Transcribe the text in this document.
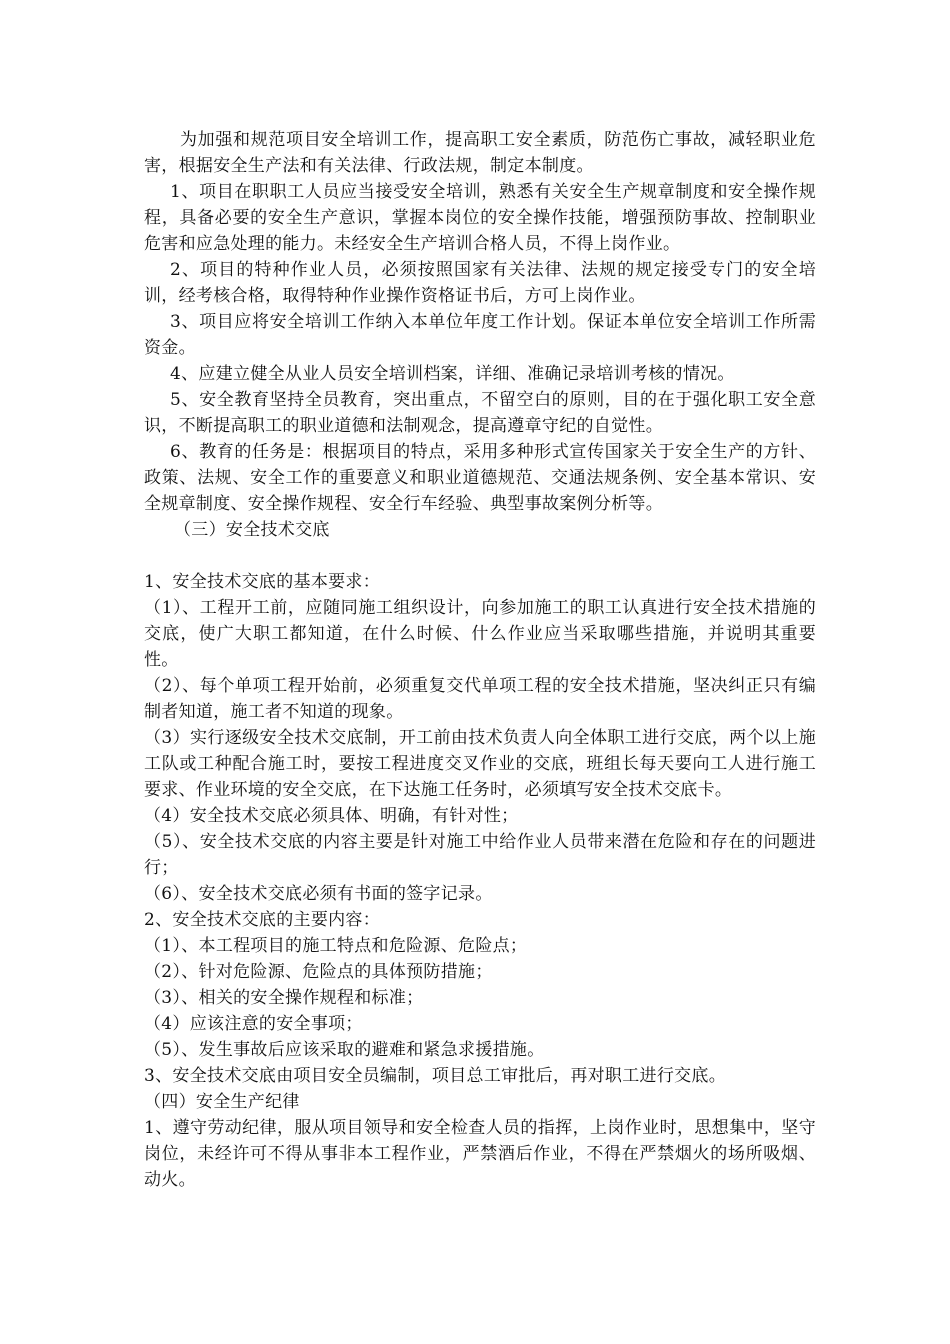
为加强和规范项目安全培训工作，提高职工安全素质，防范伤亡事故，减轻职业危害，根据安全生产法和有关法律、行政法规，制定本制度。

1、项目在职职工人员应当接受安全培训，熟悉有关安全生产规章制度和安全操作规程，具备必要的安全生产意识，掌握本岗位的安全操作技能，增强预防事故、控制职业危害和应急处理的能力。未经安全生产培训合格人员，不得上岗作业。

2、项目的特种作业人员，必须按照国家有关法律、法规的规定接受专门的安全培训，经考核合格，取得特种作业操作资格证书后，方可上岗作业。

3、项目应将安全培训工作纳入本单位年度工作计划。保证本单位安全培训工作所需资金。

4、应建立健全从业人员安全培训档案，详细、准确记录培训考核的情况。

5、安全教育坚持全员教育，突出重点，不留空白的原则，目的在于强化职工安全意识，不断提高职工的职业道德和法制观念，提高遵章守纪的自觉性。

6、教育的任务是：根据项目的特点，采用多种形式宣传国家关于安全生产的方针、政策、法规、安全工作的重要意义和职业道德规范、交通法规条例、安全基本常识、安全规章制度、安全操作规程、安全行车经验、典型事故案例分析等。

（三）安全技术交底

1、安全技术交底的基本要求：

（1）、工程开工前，应随同施工组织设计，向参加施工的职工认真进行安全技术措施的交底，使广大职工都知道，在什么时候、什么作业应当采取哪些措施，并说明其重要性。

（2）、每个单项工程开始前，必须重复交代单项工程的安全技术措施，坚决纠正只有编制者知道，施工者不知道的现象。

（3）实行逐级安全技术交底制，开工前由技术负责人向全体职工进行交底，两个以上施工队或工种配合施工时，要按工程进度交叉作业的交底，班组长每天要向工人进行施工要求、作业环境的安全交底，在下达施工任务时，必须填写安全技术交底卡。

（4）安全技术交底必须具体、明确，有针对性；

（5）、安全技术交底的内容主要是针对施工中给作业人员带来潜在危险和存在的问题进行；

（6）、安全技术交底必须有书面的签字记录。

2、安全技术交底的主要内容：

（1）、本工程项目的施工特点和危险源、危险点；

（2）、针对危险源、危险点的具体预防措施；

（3）、相关的安全操作规程和标准；

（4）应该注意的安全事项；

（5）、发生事故后应该采取的避难和紧急求援措施。

3、安全技术交底由项目安全员编制，项目总工审批后，再对职工进行交底。

（四）安全生产纪律

1、遵守劳动纪律，服从项目领导和安全检查人员的指挥，上岗作业时，思想集中，坚守岗位，未经许可不得从事非本工程作业，严禁酒后作业，不得在严禁烟火的场所吸烟、动火。
